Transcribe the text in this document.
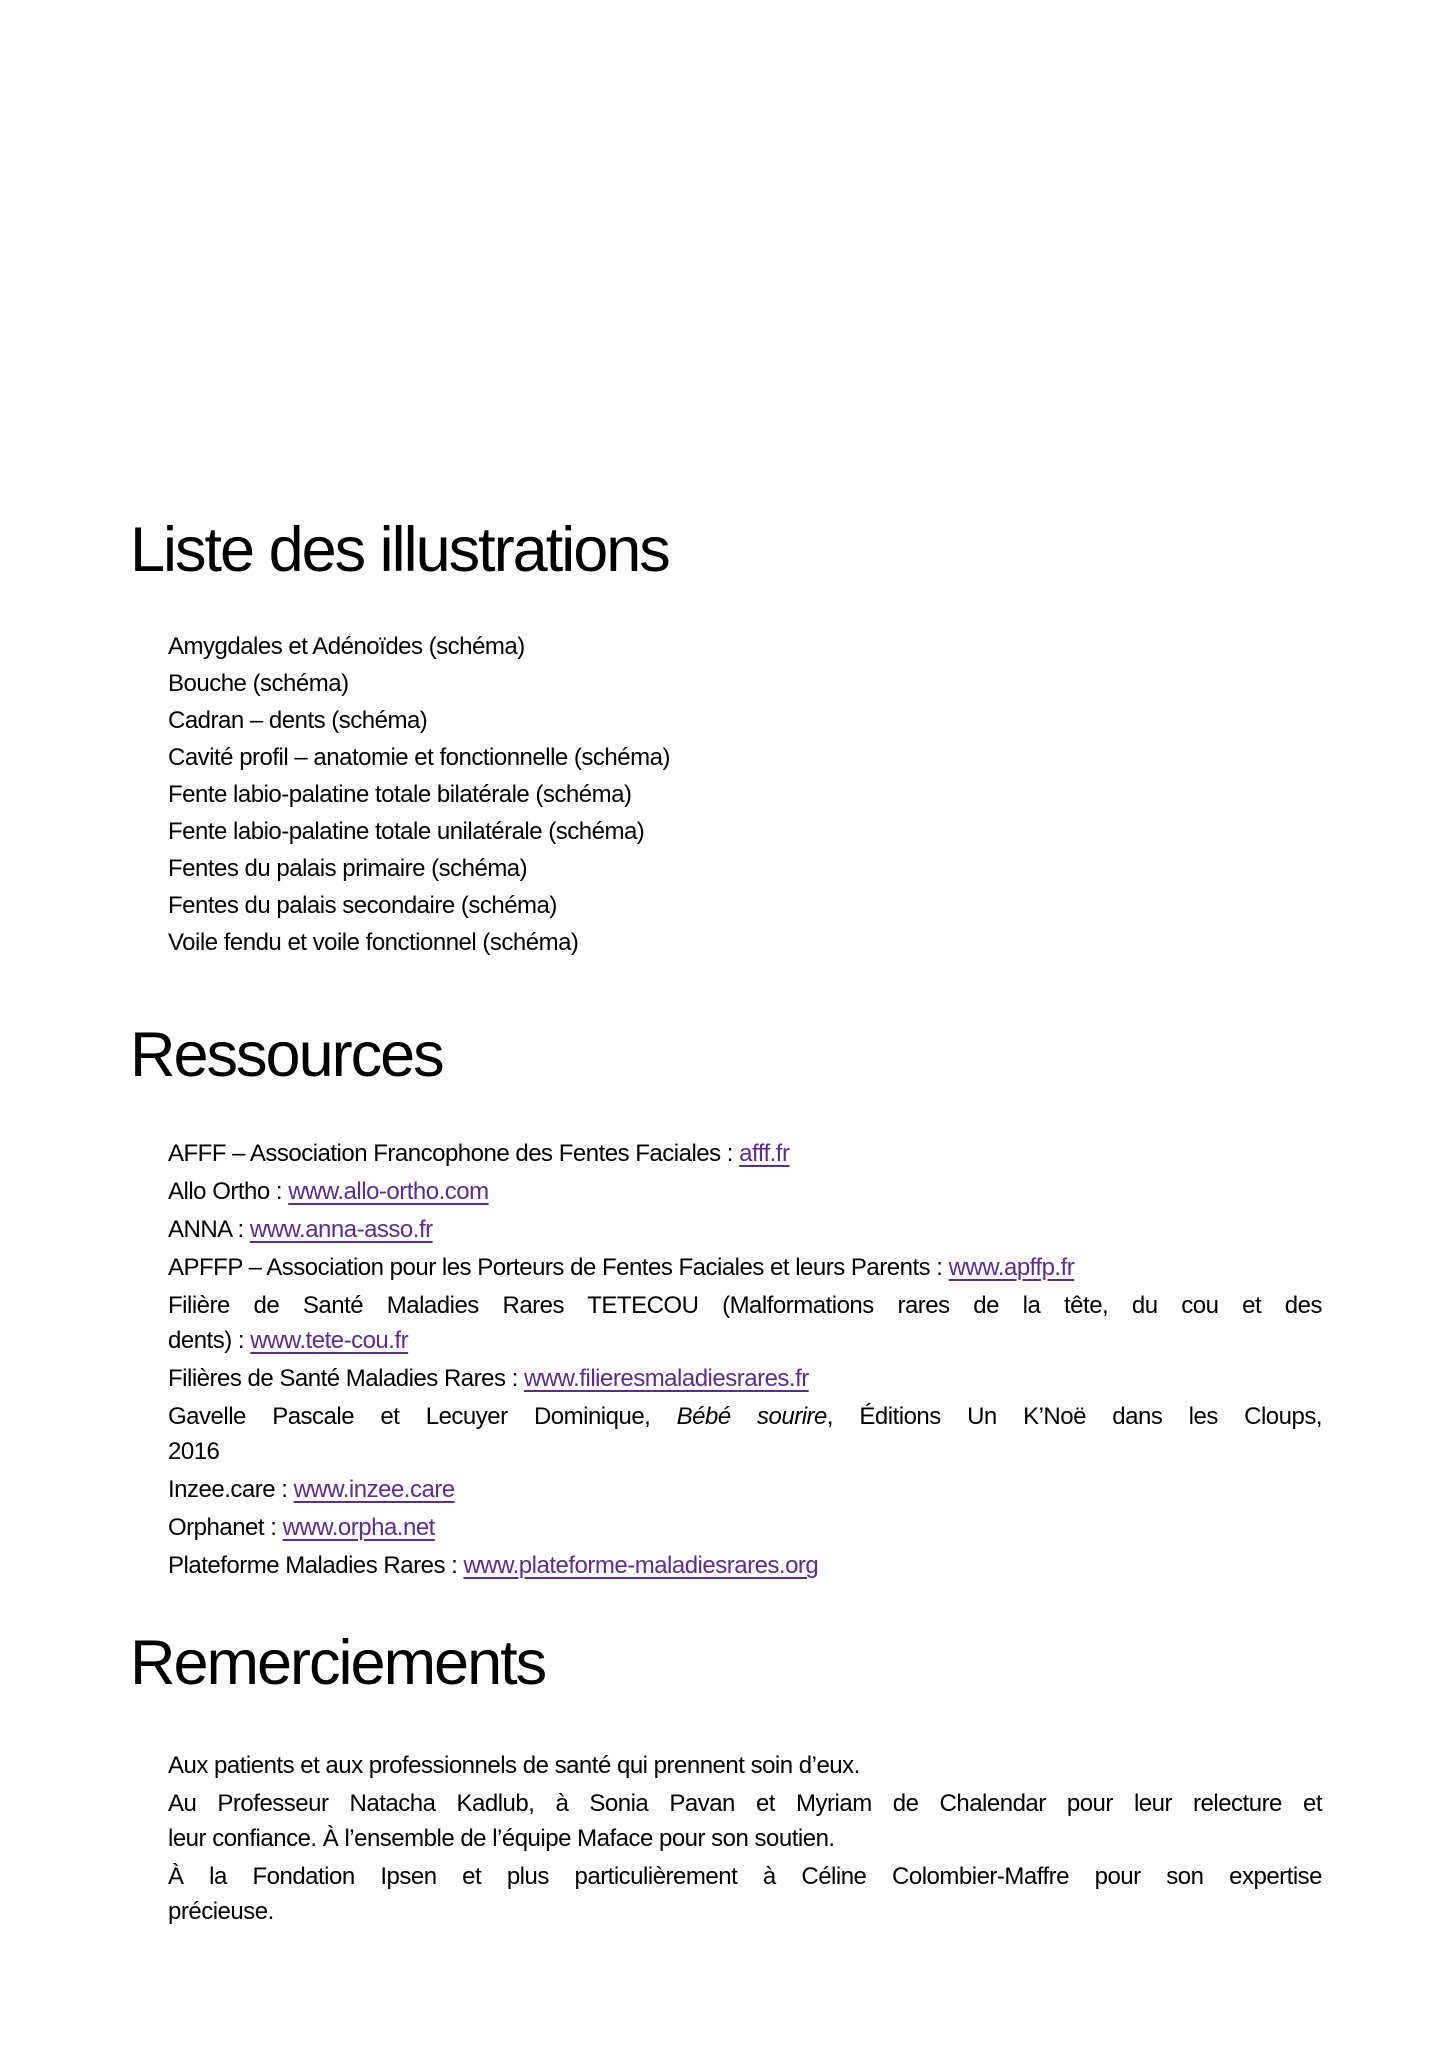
Liste des illustrations
Amygdales et Adénoïdes (schéma)
Bouche (schéma)
Cadran – dents (schéma)
Cavité profil – anatomie et fonctionnelle (schéma)
Fente labio-palatine totale bilatérale (schéma)
Fente labio-palatine totale unilatérale (schéma)
Fentes du palais primaire (schéma)
Fentes du palais secondaire (schéma)
Voile fendu et voile fonctionnel (schéma)
Ressources

AFFF – Association Francophone des Fentes Faciales : afff.fr

Allo Ortho : www.allo-ortho.com

ANNA : www.anna-asso.fr

APFFP – Association pour les Porteurs de Fentes Faciales et leurs Parents : www.apffp.fr

Filière de Santé Maladies Rares TETECOU (Malformations rares de la tête, du cou et des
dents) : www.tete-cou.fr

Filières de Santé Maladies Rares : www.filieresmaladiesrares.fr

Gavelle Pascale et Lecuyer Dominique, Bébé sourire, Éditions Un K’Noë dans les Cloups,
2016

Inzee.care : www.inzee.care

Orphanet : www.orpha.net

Plateforme Maladies Rares : www.plateforme-maladiesrares.org

Remerciements

Aux patients et aux professionnels de santé qui prennent soin d’eux.

Au Professeur Natacha Kadlub, à Sonia Pavan et Myriam de Chalendar pour leur relecture et
leur confiance. À l’ensemble de l’équipe Maface pour son soutien.

À la Fondation Ipsen et plus particulièrement à Céline Colombier-Maffre pour son expertise
précieuse.
